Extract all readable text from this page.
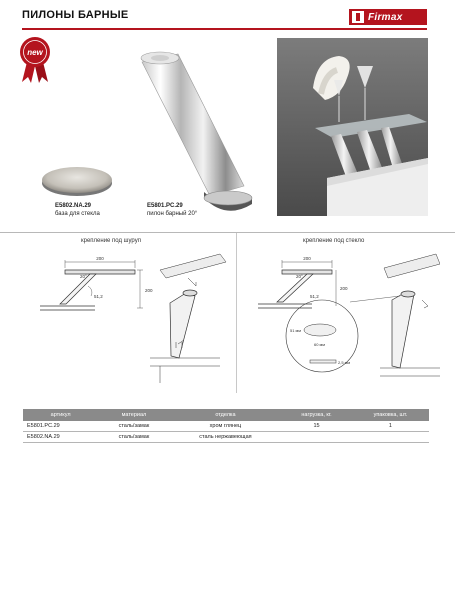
ПИЛОНЫ БАРНЫЕ	Firmax
new
E5802.NA.29
база для стекла
E5801.PC.29
пилон барный 20°
крепление под шуруп
200
200
51,2
20°
крепление под стекло
200
200
51,2
20°
51 мм
60 мм
2,5 мм
артикул	материал	отделка	нагрузка, кг.	упаковка, шт.
E5801.PC.29	сталь/замак	хром глянец	15	1
E5802.NA.29	сталь/замак	сталь нержавеющая		
